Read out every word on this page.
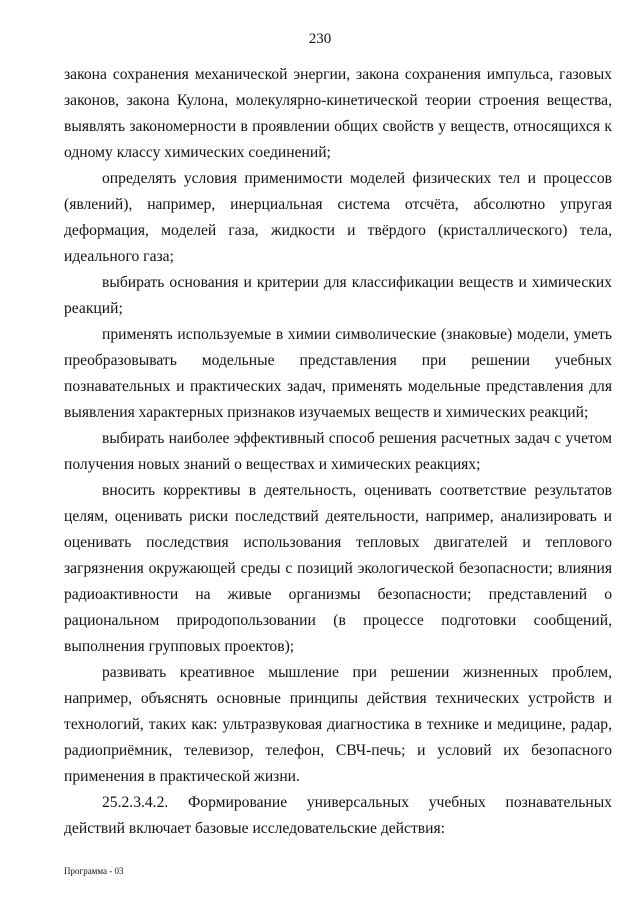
230

закона сохранения механической энергии, закона сохранения импульса, газовых законов, закона Кулона, молекулярно-кинетической теории строения вещества, выявлять закономерности в проявлении общих свойств у веществ, относящихся к одному классу химических соединений;

определять условия применимости моделей физических тел и процессов (явлений), например, инерциальная система отсчёта, абсолютно упругая деформация, моделей газа, жидкости и твёрдого (кристаллического) тела, идеального газа;

выбирать основания и критерии для классификации веществ и химических реакций;

применять используемые в химии символические (знаковые) модели, уметь преобразовывать модельные представления при решении учебных познавательных и практических задач, применять модельные представления для выявления характерных признаков изучаемых веществ и химических реакций;

выбирать наиболее эффективный способ решения расчетных задач с учетом получения новых знаний о веществах и химических реакциях;

вносить коррективы в деятельность, оценивать соответствие результатов целям, оценивать риски последствий деятельности, например, анализировать и оценивать последствия использования тепловых двигателей и теплового загрязнения окружающей среды с позиций экологической безопасности; влияния радиоактивности на живые организмы безопасности; представлений о рациональном природопользовании (в процессе подготовки сообщений, выполнения групповых проектов);

развивать креативное мышление при решении жизненных проблем, например, объяснять основные принципы действия технических устройств и технологий, таких как: ультразвуковая диагностика в технике и медицине, радар, радиоприёмник, телевизор, телефон, СВЧ-печь; и условий их безопасного применения в практической жизни.

25.2.3.4.2. Формирование универсальных учебных познавательных действий включает базовые исследовательские действия:

Программа - 03
